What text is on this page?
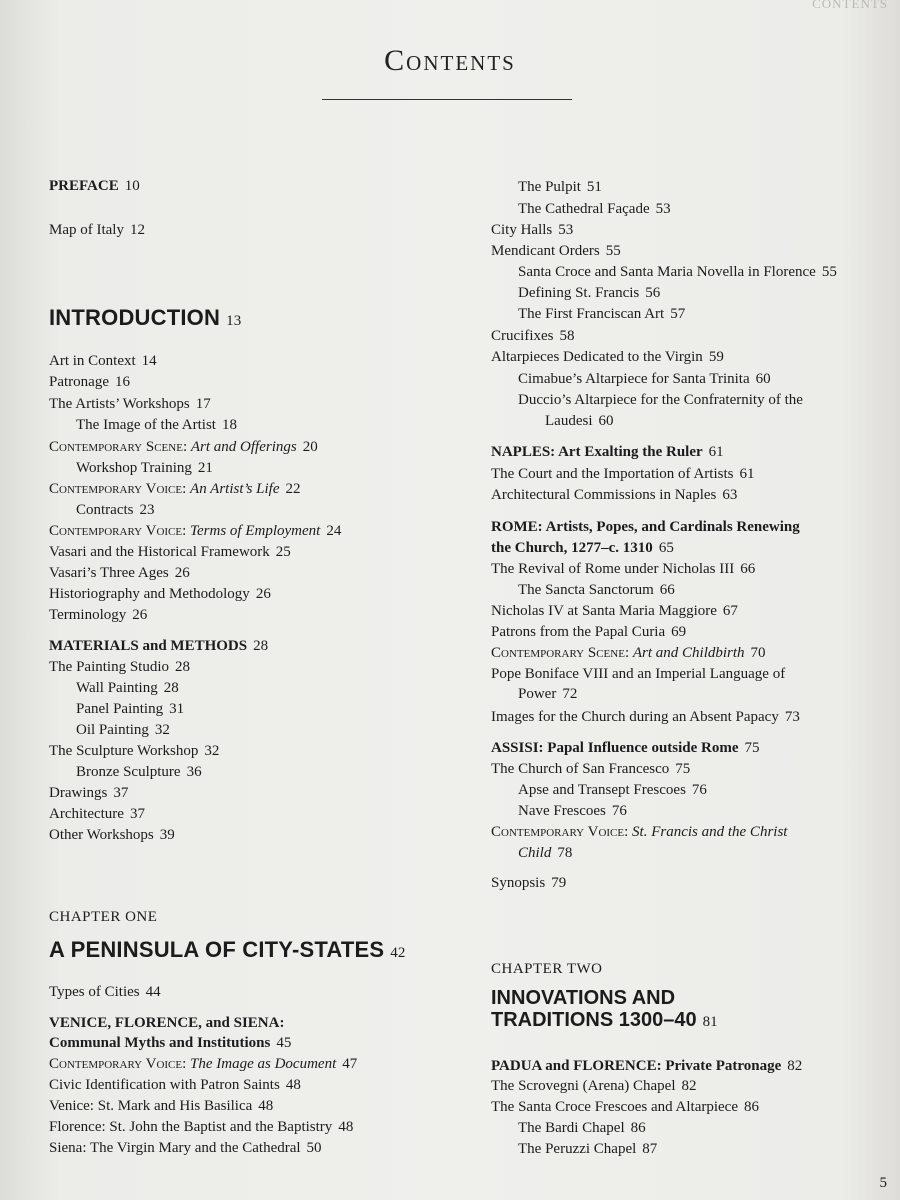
CONTENTS
Contents
PREFACE 10
Map of Italy 12
INTRODUCTION 13
Art in Context 14
Patronage 16
The Artists’ Workshops 17
The Image of the Artist 18
Contemporary Scene: Art and Offerings 20
Workshop Training 21
Contemporary Voice: An Artist’s Life 22
Contracts 23
Contemporary Voice: Terms of Employment 24
Vasari and the Historical Framework 25
Vasari’s Three Ages 26
Historiography and Methodology 26
Terminology 26
MATERIALS and METHODS 28
The Painting Studio 28
Wall Painting 28
Panel Painting 31
Oil Painting 32
The Sculpture Workshop 32
Bronze Sculpture 36
Drawings 37
Architecture 37
Other Workshops 39
CHAPTER ONE
A PENINSULA OF CITY-STATES 42
Types of Cities 44
VENICE, FLORENCE, and SIENA:
Communal Myths and Institutions 45
Contemporary Voice: The Image as Document 47
Civic Identification with Patron Saints 48
Venice: St. Mark and His Basilica 48
Florence: St. John the Baptist and the Baptistry 48
Siena: The Virgin Mary and the Cathedral 50
The Pulpit 51
The Cathedral Façade 53
City Halls 53
Mendicant Orders 55
Santa Croce and Santa Maria Novella in Florence 55
Defining St. Francis 56
The First Franciscan Art 57
Crucifixes 58
Altarpieces Dedicated to the Virgin 59
Cimabue’s Altarpiece for Santa Trinita 60
Duccio’s Altarpiece for the Confraternity of the
Laudesi 60
NAPLES: Art Exalting the Ruler 61
The Court and the Importation of Artists 61
Architectural Commissions in Naples 63
ROME: Artists, Popes, and Cardinals Renewing
the Church, 1277–c. 1310 65
The Revival of Rome under Nicholas III 66
The Sancta Sanctorum 66
Nicholas IV at Santa Maria Maggiore 67
Patrons from the Papal Curia 69
Contemporary Scene: Art and Childbirth 70
Pope Boniface VIII and an Imperial Language of
Power 72
Images for the Church during an Absent Papacy 73
ASSISI: Papal Influence outside Rome 75
The Church of San Francesco 75
Apse and Transept Frescoes 76
Nave Frescoes 76
Contemporary Voice: St. Francis and the Christ
Child 78
Synopsis 79
CHAPTER TWO
INNOVATIONS AND
TRADITIONS 1300–40 81
PADUA and FLORENCE: Private Patronage 82
The Scrovegni (Arena) Chapel 82
The Santa Croce Frescoes and Altarpiece 86
The Bardi Chapel 86
The Peruzzi Chapel 87
5
